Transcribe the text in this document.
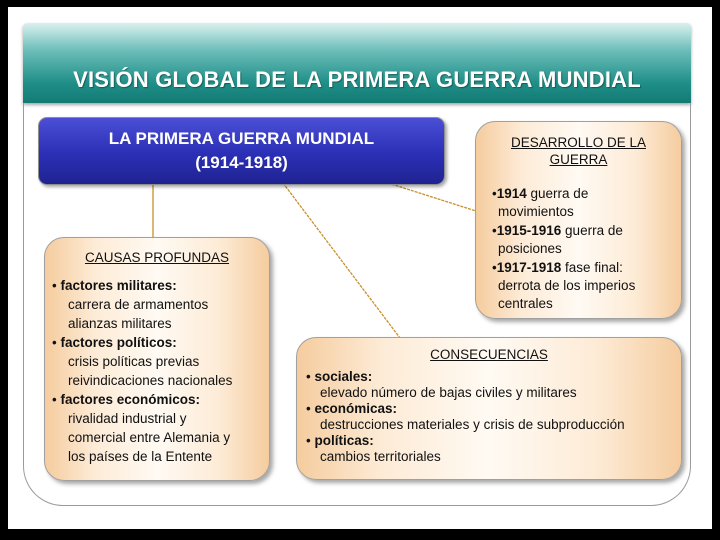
VISIÓN GLOBAL DE LA PRIMERA GUERRA MUNDIAL
LA PRIMERA GUERRA MUNDIAL
(1914-1918)
DESARROLLO DE LA
GUERRA
•1914 guerra de
movimientos
•1915-1916 guerra de
posiciones
•1917-1918 fase final:
derrota de los imperios
centrales
CAUSAS PROFUNDAS
• factores militares:
carrera de armamentos
alianzas militares
• factores políticos:
crisis políticas previas
reivindicaciones nacionales
• factores económicos:
rivalidad industrial y
comercial entre Alemania y
los países de la Entente
CONSECUENCIAS
• sociales:
elevado número de bajas civiles y militares
• económicas:
destrucciones materiales y crisis de subproducción
• políticas:
cambios territoriales
